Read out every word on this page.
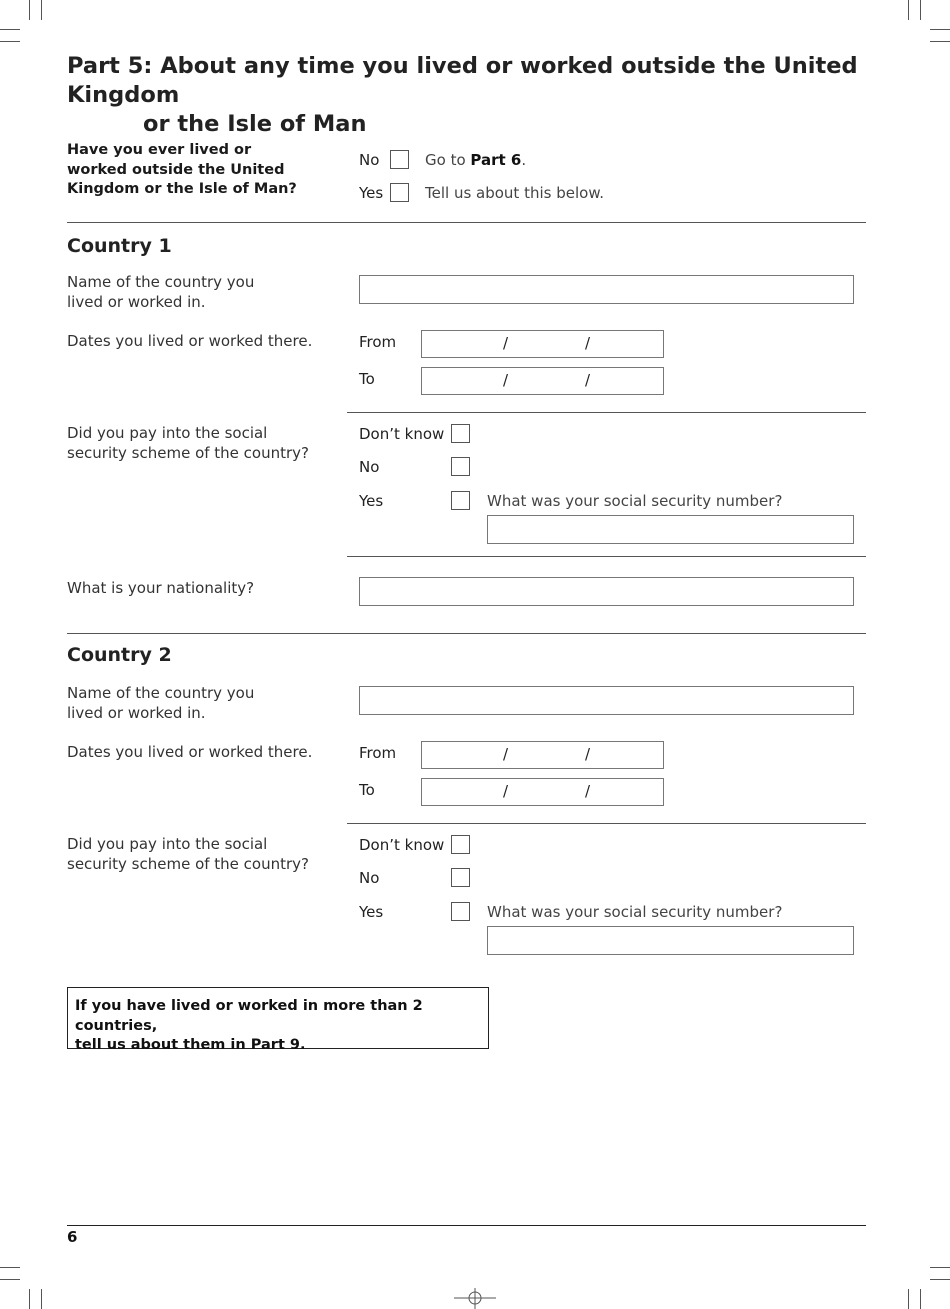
Part 5: About any time you lived or worked outside the United Kingdom
or the Isle of Man
Have you ever lived or
worked outside the United
Kingdom or the Isle of Man?
No	Go to Part 6.
Yes	Tell us about this below.
Country 1
Name of the country you
lived or worked in.
Dates you lived or worked there.	From	/	/
To	/	/
Did you pay into the social
security scheme of the country?
Don’t know
No
Yes	What was your social security number?
What is your nationality?
Country 2
Name of the country you
lived or worked in.
Dates you lived or worked there.	From	/	/
To	/	/
Did you pay into the social
security scheme of the country?
Don’t know
No
Yes	What was your social security number?
If you have lived or worked in more than 2 countries,
tell us about them in Part 9.
6
